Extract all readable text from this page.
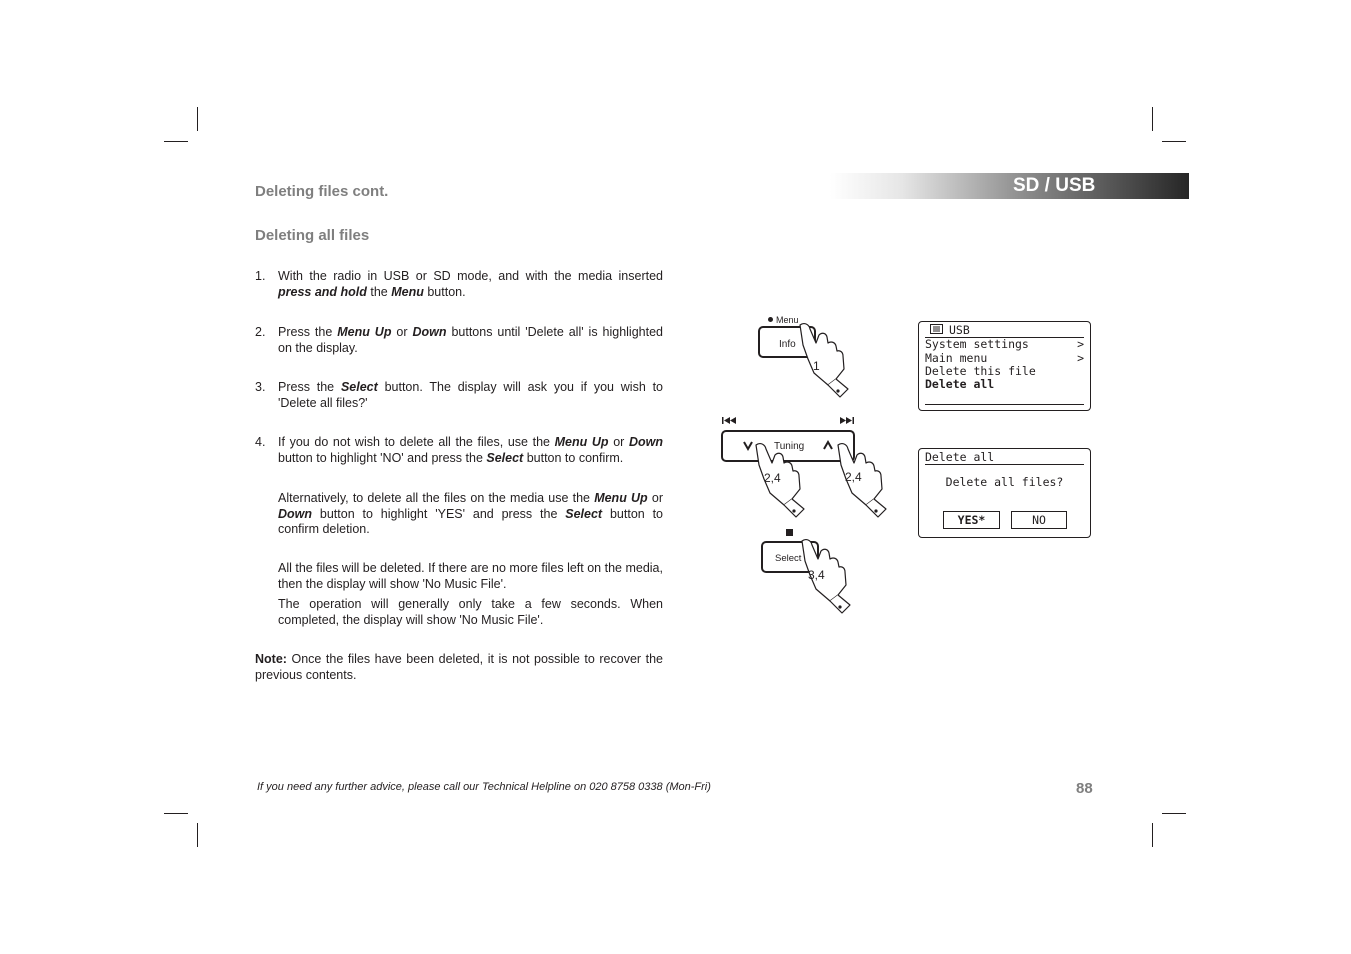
SD / USB
Deleting files cont.
Deleting all files
1. With the radio in USB or SD mode, and with the media inserted press and hold the Menu button.
2. Press the Menu Up or Down buttons until 'Delete all' is highlighted on the display.
3. Press the Select button. The display will ask you if you wish to 'Delete all files?'
4. If you do not wish to delete all the files, use the Menu Up or Down button to highlight 'NO' and press the Select button to confirm.
Alternatively, to delete all the files on the media use the Menu Up or Down button to highlight 'YES' and press the Select button to confirm deletion.
All the files will be deleted. If there are no more files left on the media, then the display will show 'No Music File'.
The operation will generally only take a few seconds. When completed, the display will show 'No Music File'.
Note: Once the files have been deleted, it is not possible to recover the previous contents.
If you need any further advice, please call our Technical Helpline on 020 8758 0338 (Mon-Fri)	88
Menu
Info
1
Tuning
2,4	2,4
Select
3,4
USB
System settings	>
Main menu	>
Delete this file
Delete all
Delete all
Delete all files?
YES*	NO
